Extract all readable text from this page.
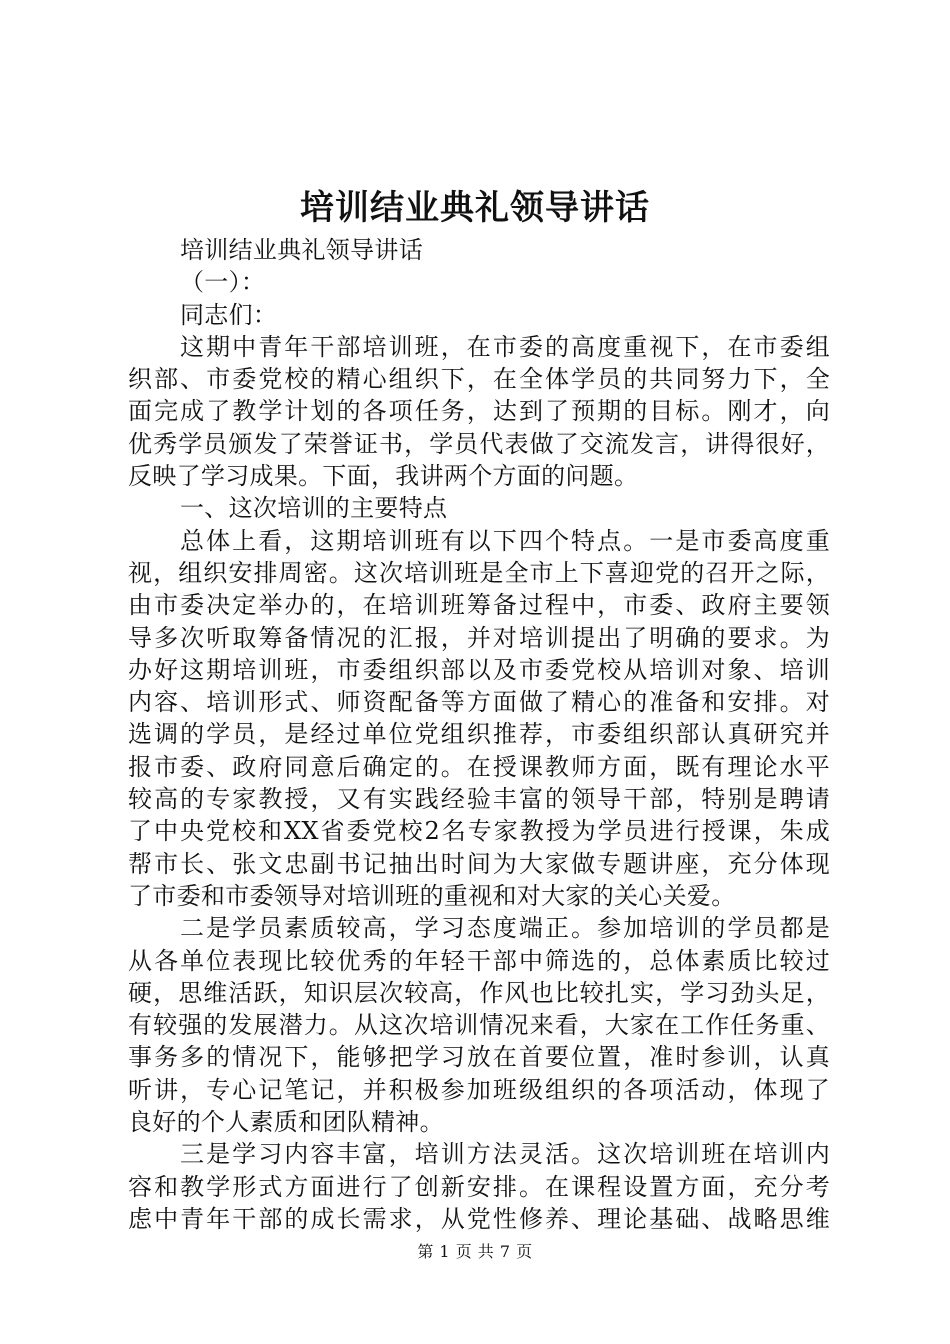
培训结业典礼领导讲话
培训结业典礼领导讲话
（一）：
同志们：
这期中青年干部培训班，在市委的高度重视下，在市委组
织部、市委党校的精心组织下，在全体学员的共同努力下，全
面完成了教学计划的各项任务，达到了预期的目标。刚才，向
优秀学员颁发了荣誉证书，学员代表做了交流发言，讲得很好，
反映了学习成果。下面，我讲两个方面的问题。
一、这次培训的主要特点
总体上看，这期培训班有以下四个特点。一是市委高度重
视，组织安排周密。这次培训班是全市上下喜迎党的召开之际，
由市委决定举办的，在培训班筹备过程中，市委、政府主要领
导多次听取筹备情况的汇报，并对培训提出了明确的要求。为
办好这期培训班，市委组织部以及市委党校从培训对象、培训
内容、培训形式、师资配备等方面做了精心的准备和安排。对
选调的学员，是经过单位党组织推荐，市委组织部认真研究并
报市委、政府同意后确定的。在授课教师方面，既有理论水平
较高的专家教授，又有实践经验丰富的领导干部，特别是聘请
了中央党校和XX省委党校2名专家教授为学员进行授课，朱成
帮市长、张文忠副书记抽出时间为大家做专题讲座，充分体现
了市委和市委领导对培训班的重视和对大家的关心关爱。
二是学员素质较高，学习态度端正。参加培训的学员都是
从各单位表现比较优秀的年轻干部中筛选的，总体素质比较过
硬，思维活跃，知识层次较高，作风也比较扎实，学习劲头足，
有较强的发展潜力。从这次培训情况来看，大家在工作任务重、
事务多的情况下，能够把学习放在首要位置，准时参训，认真
听讲，专心记笔记，并积极参加班级组织的各项活动，体现了
良好的个人素质和团队精神。
三是学习内容丰富，培训方法灵活。这次培训班在培训内
容和教学形式方面进行了创新安排。在课程设置方面，充分考
虑中青年干部的成长需求，从党性修养、理论基础、战略思维
第 1 页 共 7 页
